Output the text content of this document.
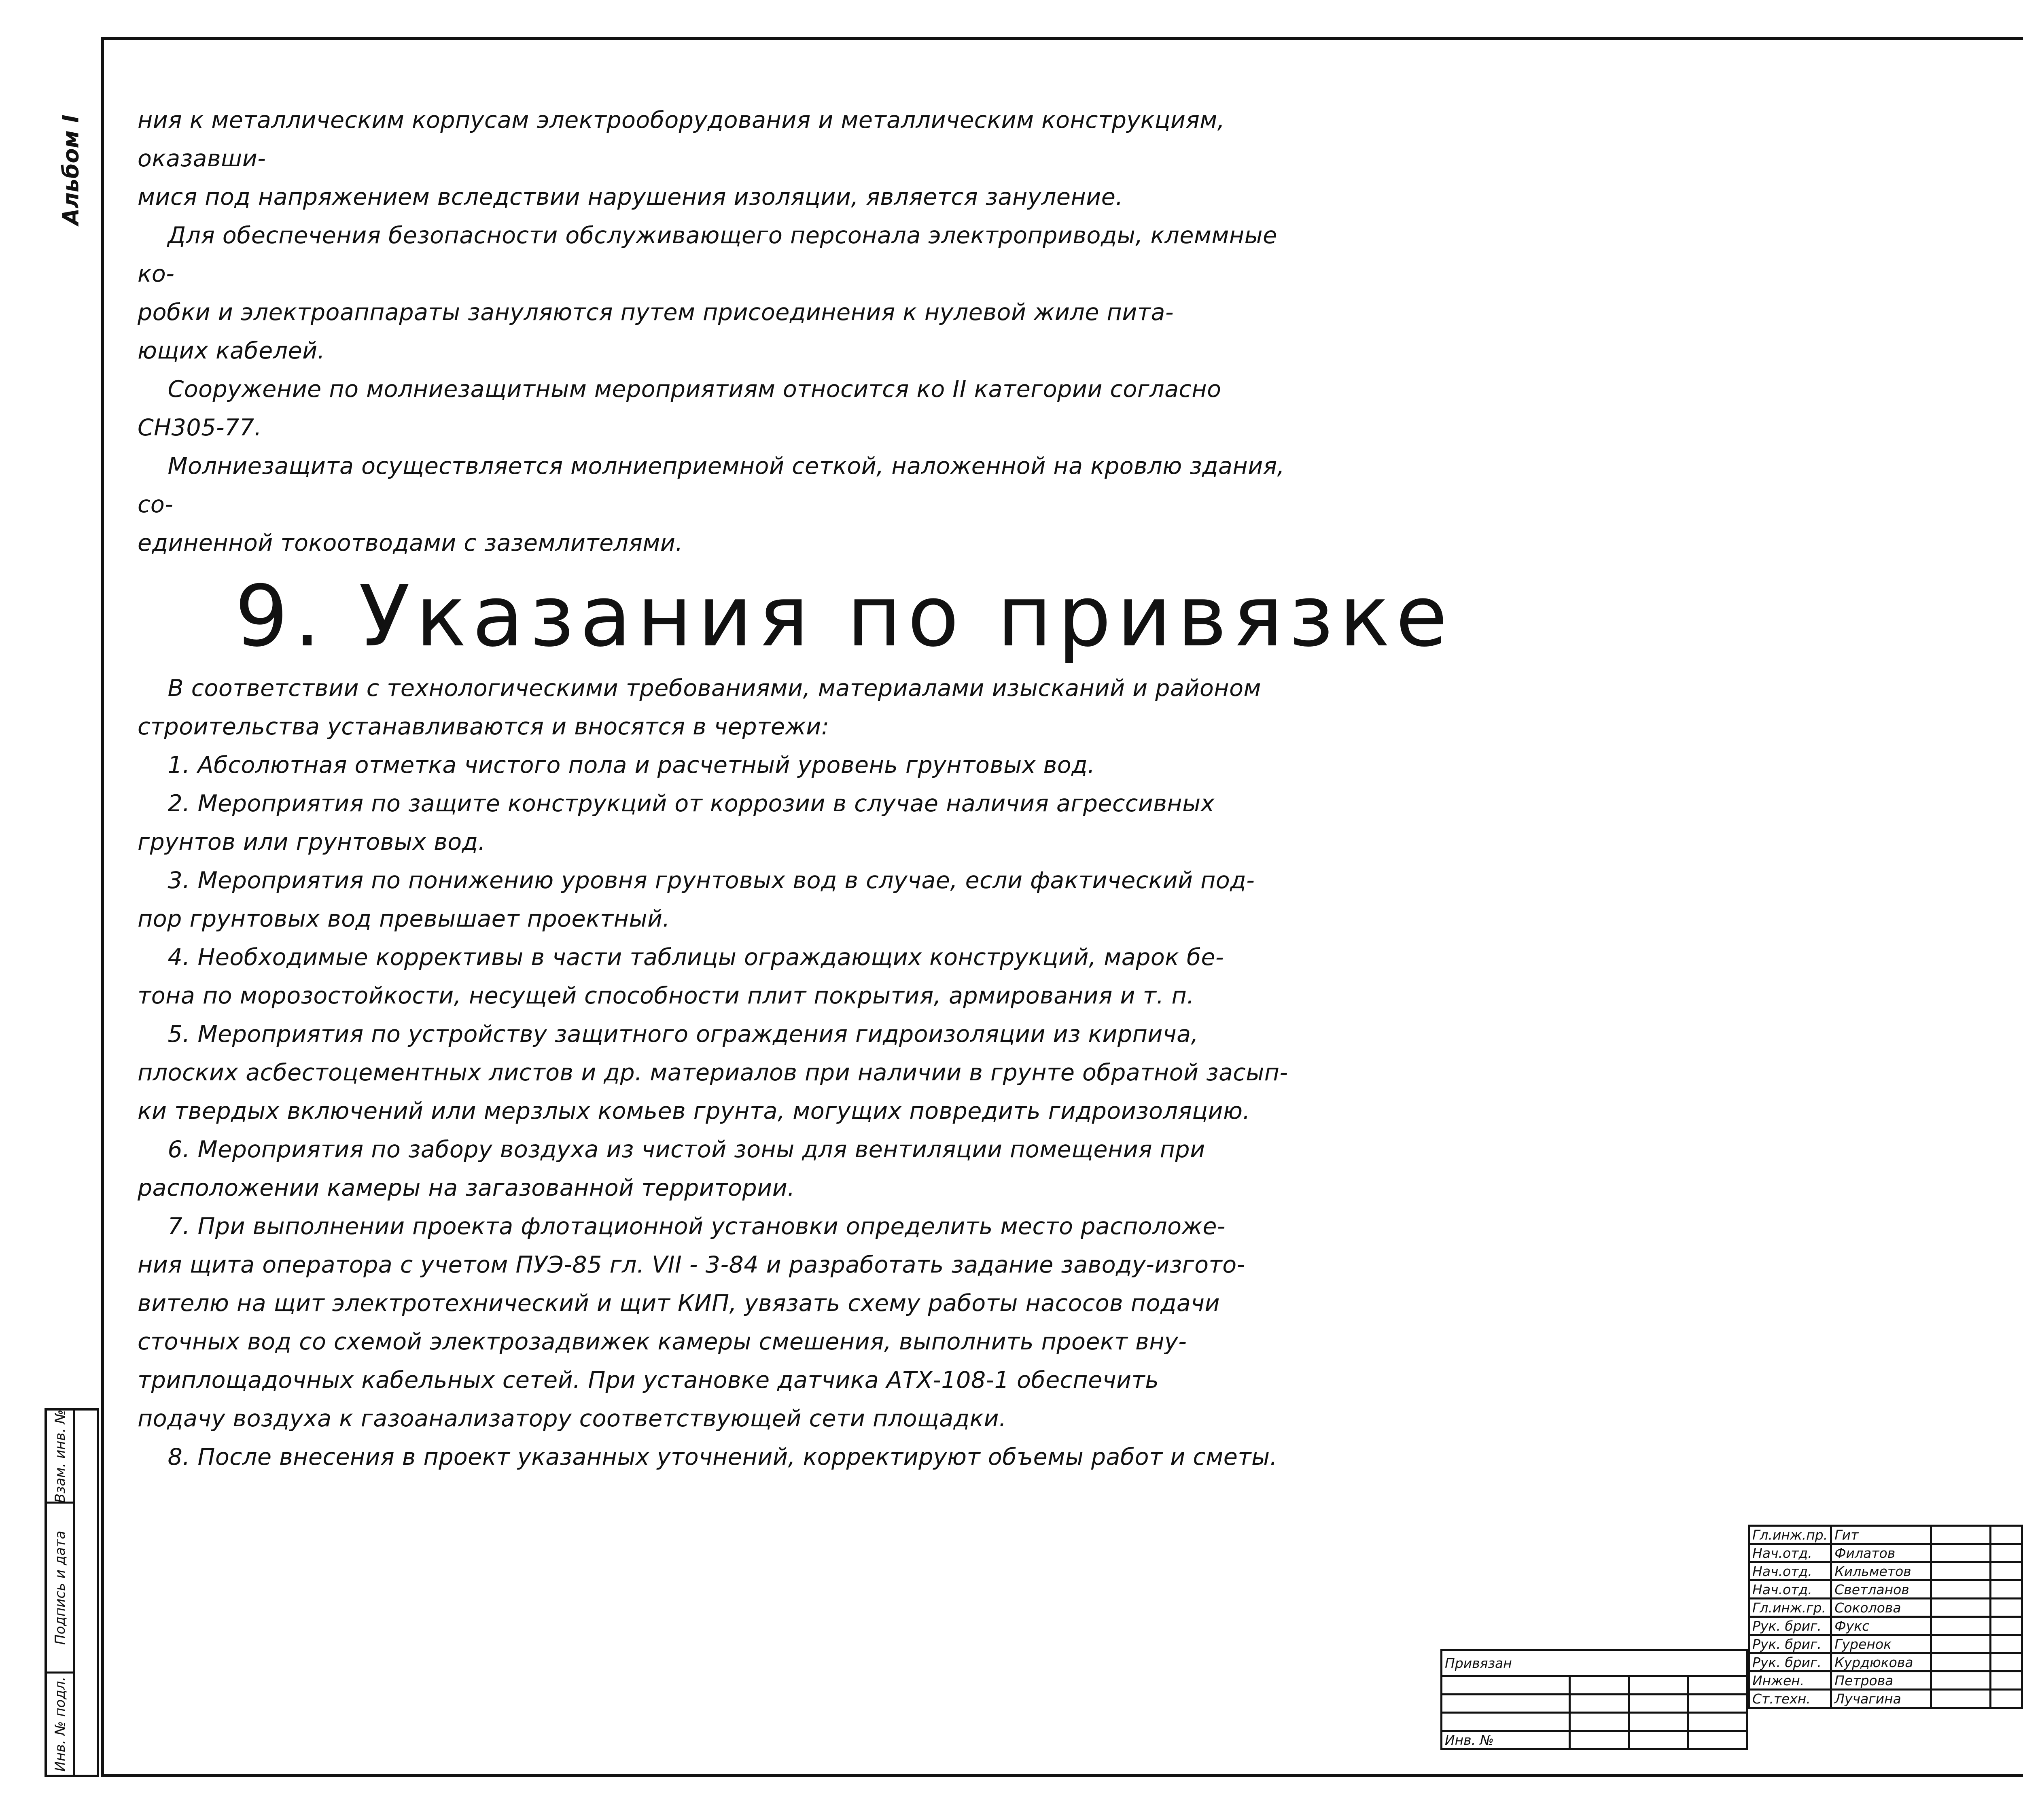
Альбом I ния к металлическим корпусам электрооборудования и металлическим конструкциям, оказавши-

мися под напряжением вследствии нарушения изоляции, является зануление.

Для обеспечения безопасности обслуживающего персонала электроприводы, клеммные ко-

робки и электроаппараты зануляются путем присоединения к нулевой жиле пита-

ющих кабелей.

Сооружение по молниезащитным мероприятиям относится ко II категории согласно СН305-77.

Молниезащита осуществляется молниеприемной сеткой, наложенной на кровлю здания, со-

единенной токоотводами с заземлителями.

9. Указания по привязке

В соответствии с технологическими требованиями, материалами изысканий и районом

строительства устанавливаются и вносятся в чертежи:

1. Абсолютная отметка чистого пола и расчетный уровень грунтовых вод.

2. Мероприятия по защите конструкций от коррозии в случае наличия агрессивных

грунтов или грунтовых вод.

3. Мероприятия по понижению уровня грунтовых вод в случае, если фактический под-

пор грунтовых вод превышает проектный.

4. Необходимые коррективы в части таблицы ограждающих конструкций, марок бе-

тона по морозостойкости, несущей способности плит покрытия, армирования и т. п.

5. Мероприятия по устройству защитного ограждения гидроизоляции из кирпича,

плоских асбестоцементных листов и др. материалов при наличии в грунте обратной засып-

ки твердых включений или мерзлых комьев грунта, могущих повредить гидроизоляцию.

6. Мероприятия по забору воздуха из чистой зоны для вентиляции помещения при

расположении камеры на загазованной территории.

7. При выполнении проекта флотационной установки определить место расположе-

ния щита оператора с учетом ПУЭ-85 гл. VII - 3-84 и разработать задание заводу-изгото-

вителю на щит электротехнический и щит КИП, увязать схему работы насосов подачи

сточных вод со схемой электрозадвижек камеры смешения, выполнить проект вну-

триплощадочных кабельных сетей. При установке датчика АТХ-108-1 обеспечить

подачу воздуха к газоанализатору соответствующей сети площадки.

8. После внесения в проект указанных уточнений, корректируют объемы работ и сметы.

Взам. инв. №
Подпись и дата
Инв. № подл.
Привязан			

Инв. №			
Гл.инж.пр.	Гит		
Нач.отд.	Филатов		
Нач.отд.	Кильметов		
Нач.отд.	Светланов		
Гл.инж.гр.	Соколова		
Рук. бриг.	Фукс		
Рук. бриг.	Гуренок		
Рук. бриг.	Курдюкова		
Инжен.	Петрова		
Ст.техн.	Лучагина		
